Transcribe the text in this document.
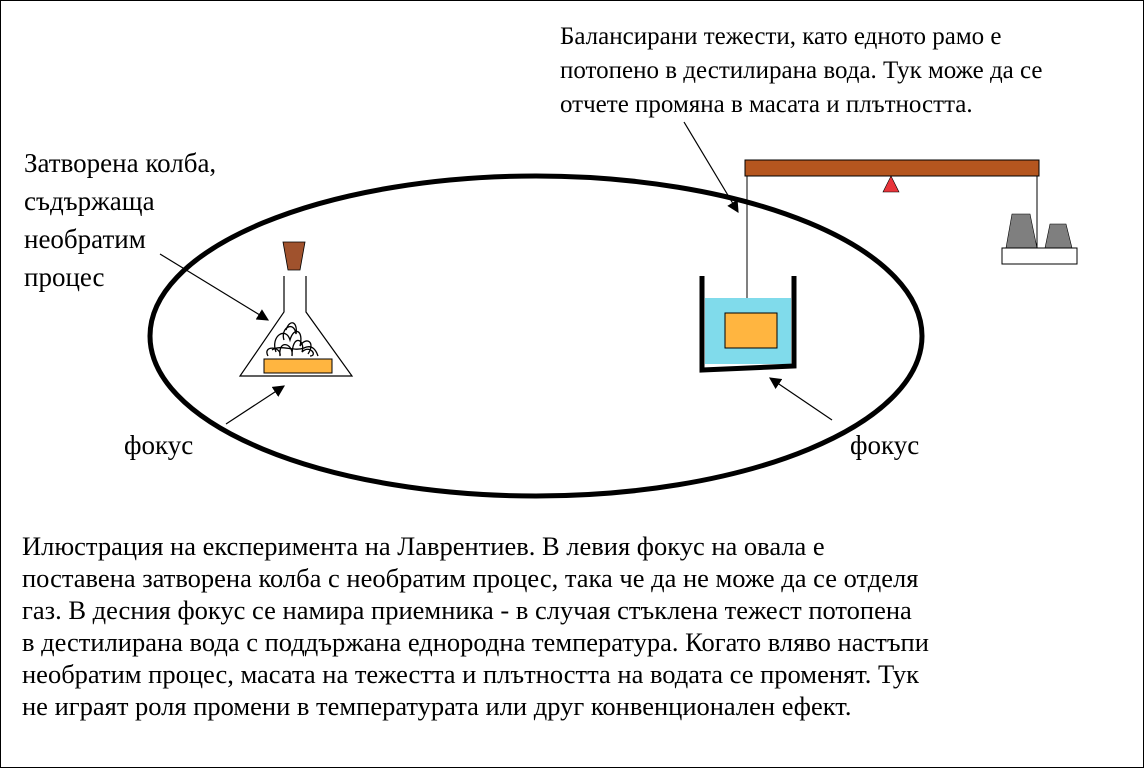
Балансирани тежести, като едното рамо е
потопено в дестилирана вода. Тук може да се
отчете промяна в масата и плътността.
Затворена колба,
съдържаща
необратим
процес
фокус	фокус
Илюстрация на експеримента на Лаврентиев. В левия фокус на овала е
поставена затворена колба с необратим процес, така че да не може да се отделя
газ. В десния фокус се намира приемника - в случая стъклена тежест потопена
в дестилирана вода с поддържана еднородна температура. Когато вляво настъпи
необратим процес, масата на тежестта и плътността на водата се променят. Тук
не играят роля промени в температурата или друг конвенционален ефект.
